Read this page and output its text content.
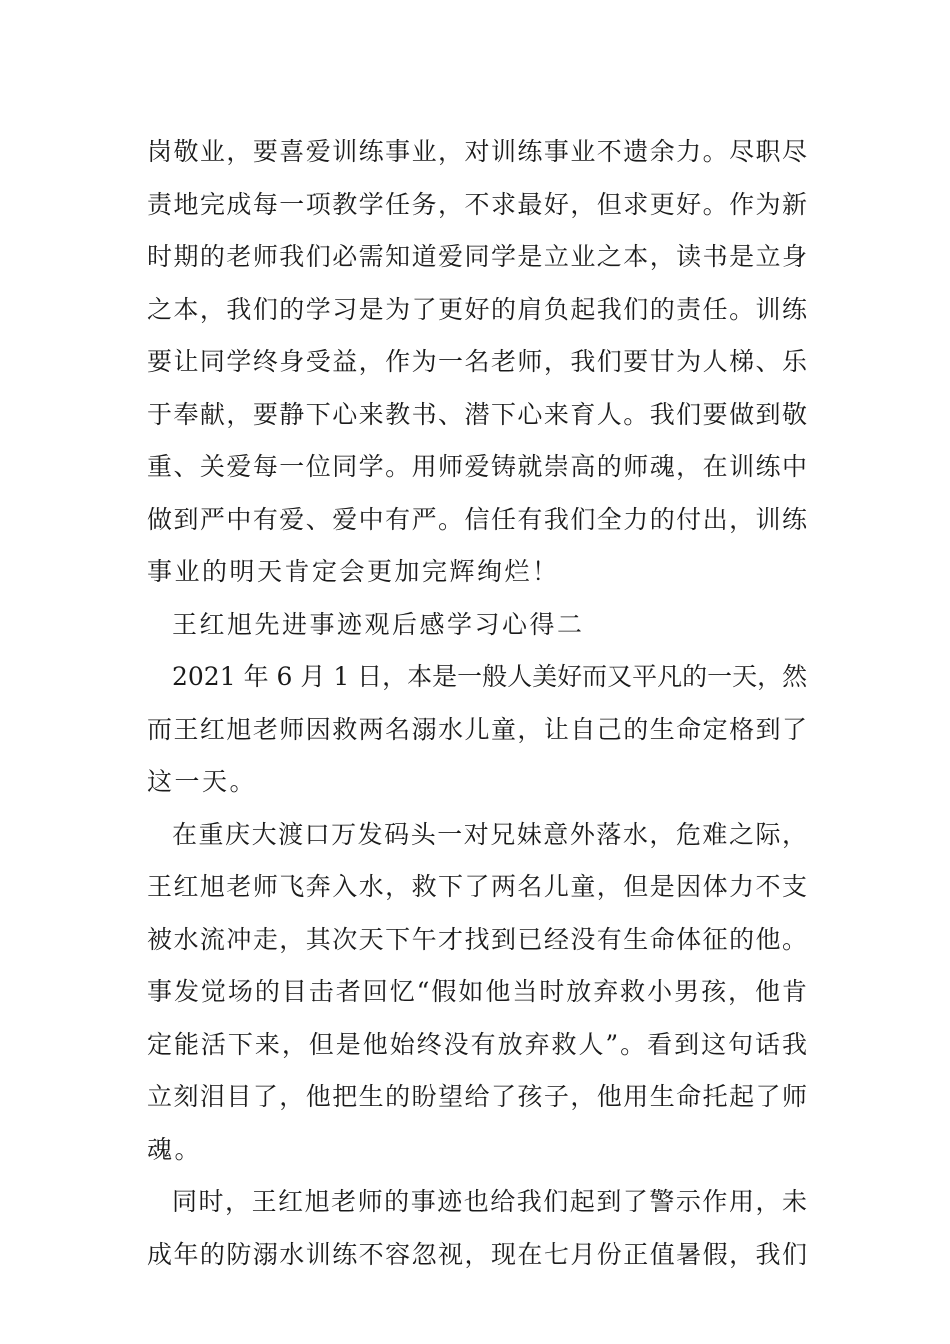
岗敬业，要喜爱训练事业，对训练事业不遗余力。尽职尽
责地完成每一项教学任务，不求最好，但求更好。作为新
时期的老师我们必需知道爱同学是立业之本，读书是立身
之本，我们的学习是为了更好的肩负起我们的责任。训练
要让同学终身受益，作为一名老师，我们要甘为人梯、乐
于奉献，要静下心来教书、潜下心来育人。我们要做到敬
重、关爱每一位同学。用师爱铸就崇高的师魂，在训练中
做到严中有爱、爱中有严。信任有我们全力的付出，训练
事业的明天肯定会更加完辉绚烂！
王红旭先进事迹观后感学习心得二
2021 年 6 月 1 日，本是一般人美好而又平凡的一天，然
而王红旭老师因救两名溺水儿童，让自己的生命定格到了
这一天。
在重庆大渡口万发码头一对兄妹意外落水，危难之际，
王红旭老师飞奔入水，救下了两名儿童，但是因体力不支
被水流冲走，其次天下午才找到已经没有生命体征的他。
事发觉场的目击者回忆“假如他当时放弃救小男孩，他肯
定能活下来，但是他始终没有放弃救人”。看到这句话我
立刻泪目了，他把生的盼望给了孩子，他用生命托起了师
魂。
同时，王红旭老师的事迹也给我们起到了警示作用，未
成年的防溺水训练不容忽视，现在七月份正值暑假，我们
